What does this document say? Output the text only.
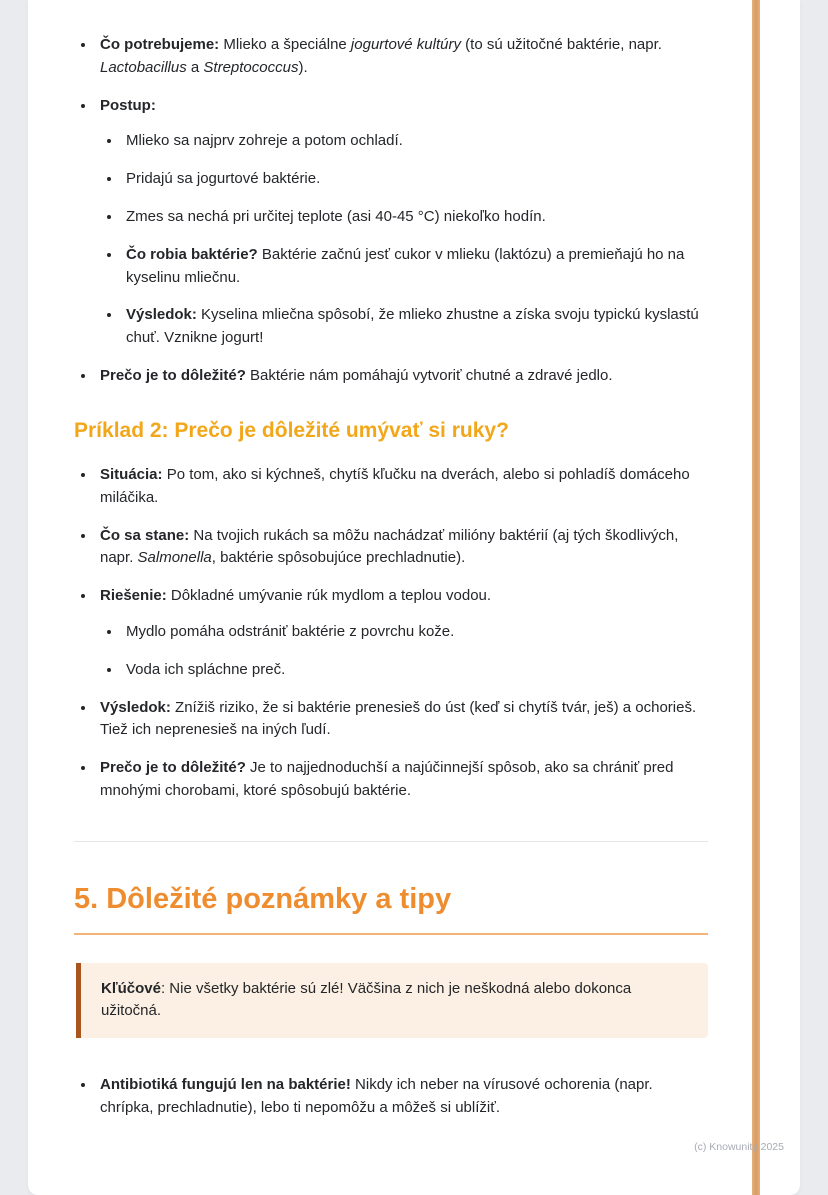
• Čo potrebujeme: Mlieko a špeciálne jogurtové kultúry (to sú užitočné baktérie, napr. Lactobacillus a Streptococcus).
• Postup:
• Mlieko sa najprv zohreje a potom ochladí.
• Pridajú sa jogurtové baktérie.
• Zmes sa nechá pri určitej teplote (asi 40-45 °C) niekoľko hodín.
• Čo robia baktérie? Baktérie začnú jesť cukor v mlieku (laktózu) a premieňajú ho na kyselinu mliečnu.
• Výsledok: Kyselina mliečna spôsobí, že mlieko zhustne a získa svoju typickú kyslastú chuť. Vznikne jogurt!
• Prečo je to dôležité? Baktérie nám pomáhajú vytvoriť chutné a zdravé jedlo.
Príklad 2: Prečo je dôležité umývať si ruky?
• Situácia: Po tom, ako si kýchneš, chytíš kľučku na dverách, alebo si pohladíš domáceho miláčika.
• Čo sa stane: Na tvojich rukách sa môžu nachádzať milióny baktérií (aj tých škodlivých, napr. Salmonella, baktérie spôsobujúce prechladnutie).
• Riešenie: Dôkladné umývanie rúk mydlom a teplou vodou.
• Mydlo pomáha odstrániť baktérie z povrchu kože.
• Voda ich spláchne preč.
• Výsledok: Znížiš riziko, že si baktérie prenesieš do úst (keď si chytíš tvár, ješ) a ochorieš. Tiež ich neprenesieš na iných ľudí.
• Prečo je to dôležité? Je to najjednoduchší a najúčinnejší spôsob, ako sa chrániť pred mnohými chorobami, ktoré spôsobujú baktérie.
5. Dôležité poznámky a tipy

Kľúčové: Nie všetky baktérie sú zlé! Väčšina z nich je neškodná alebo dokonca užitočná.

• Antibiotiká fungujú len na baktérie! Nikdy ich neber na vírusové ochorenia (napr. chrípka, prechladnutie), lebo ti nepomôžu a môžeš si ublížiť.
(c) Knowunity 2025
